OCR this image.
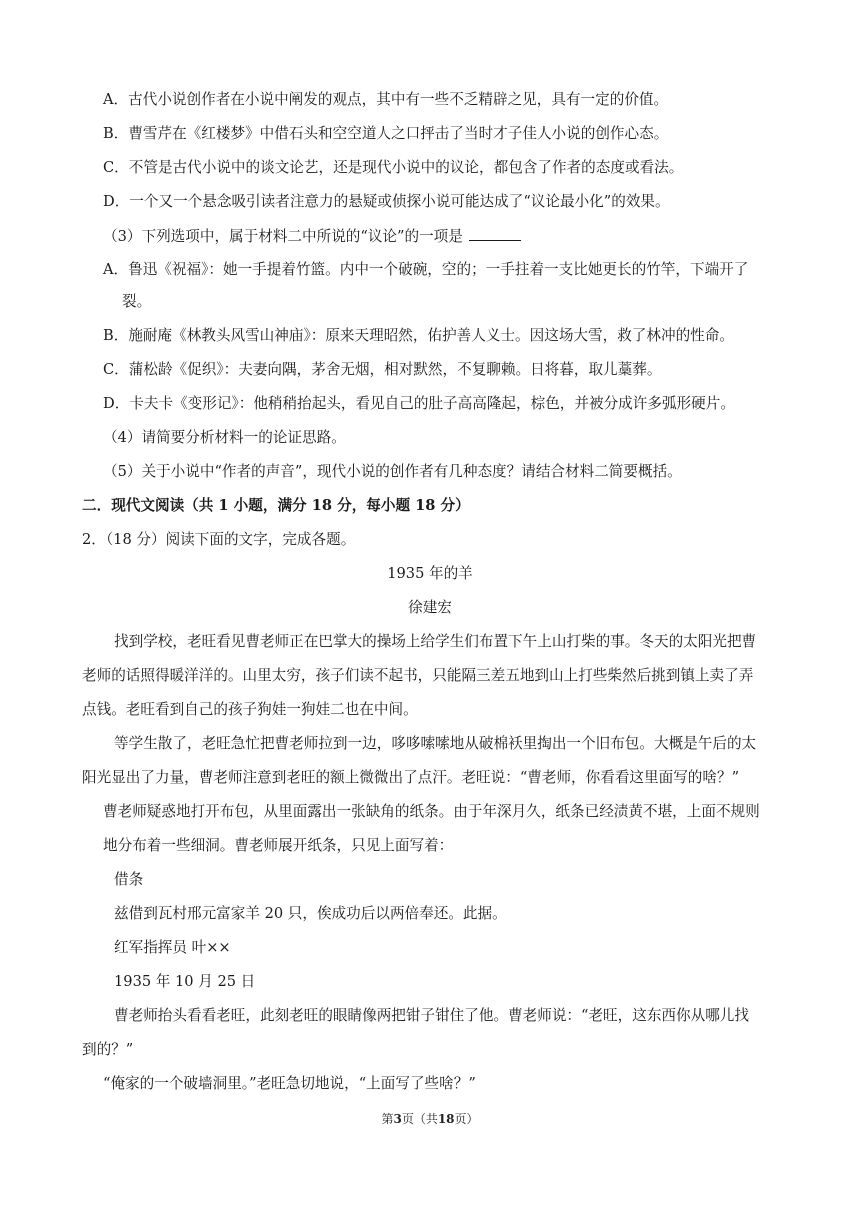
A．古代小说创作者在小说中阐发的观点，其中有一些不乏精辟之见，具有一定的价值。
B．曹雪芹在《红楼梦》中借石头和空空道人之口抨击了当时才子佳人小说的创作心态。
C．不管是古代小说中的谈文论艺，还是现代小说中的议论，都包含了作者的态度或看法。
D．一个又一个悬念吸引读者注意力的悬疑或侦探小说可能达成了“议论最小化”的效果。
（3）下列选项中，属于材料二中所说的“议论”的一项是
A．鲁迅《祝福》：她一手提着竹篮。内中一个破碗，空的；一手拄着一支比她更长的竹竿，下端开了
裂。
B．施耐庵《林教头风雪山神庙》：原来天理昭然，佑护善人义士。因这场大雪，救了林冲的性命。
C．蒲松龄《促织》：夫妻向隅，茅舍无烟，相对默然，不复聊赖。日将暮，取儿藁葬。
D．卡夫卡《变形记》：他稍稍抬起头，看见自己的肚子高高隆起，棕色，并被分成许多弧形硬片。
（4）请简要分析材料一的论证思路。
（5）关于小说中“作者的声音”，现代小说的创作者有几种态度？请结合材料二简要概括。
二．现代文阅读（共 1 小题，满分 18 分，每小题 18 分）
2．（18 分）阅读下面的文字，完成各题。
1935 年的羊
徐建宏
找到学校，老旺看见曹老师正在巴掌大的操场上给学生们布置下午上山打柴的事。冬天的太阳光把曹
老师的话照得暖洋洋的。山里太穷，孩子们读不起书，只能隔三差五地到山上打些柴然后挑到镇上卖了弄
点钱。老旺看到自己的孩子狗娃一狗娃二也在中间。
等学生散了，老旺急忙把曹老师拉到一边，哆哆嗦嗦地从破棉袄里掏出一个旧布包。大概是午后的太
阳光显出了力量，曹老师注意到老旺的额上微微出了点汗。老旺说：“曹老师，你看看这里面写的啥？”
曹老师疑惑地打开布包，从里面露出一张缺角的纸条。由于年深月久，纸条已经渍黄不堪，上面不规则
地分布着一些细洞。曹老师展开纸条，只见上面写着：
借条
兹借到瓦村邢元富家羊 20 只，俟成功后以两倍奉还。此据。
红军指挥员 叶××
1935 年 10 月 25 日
曹老师抬头看看老旺，此刻老旺的眼睛像两把钳子钳住了他。曹老师说：“老旺，这东西你从哪儿找
到的？”
“俺家的一个破墙洞里。”老旺急切地说，“上面写了些啥？”
第3页（共18页）
